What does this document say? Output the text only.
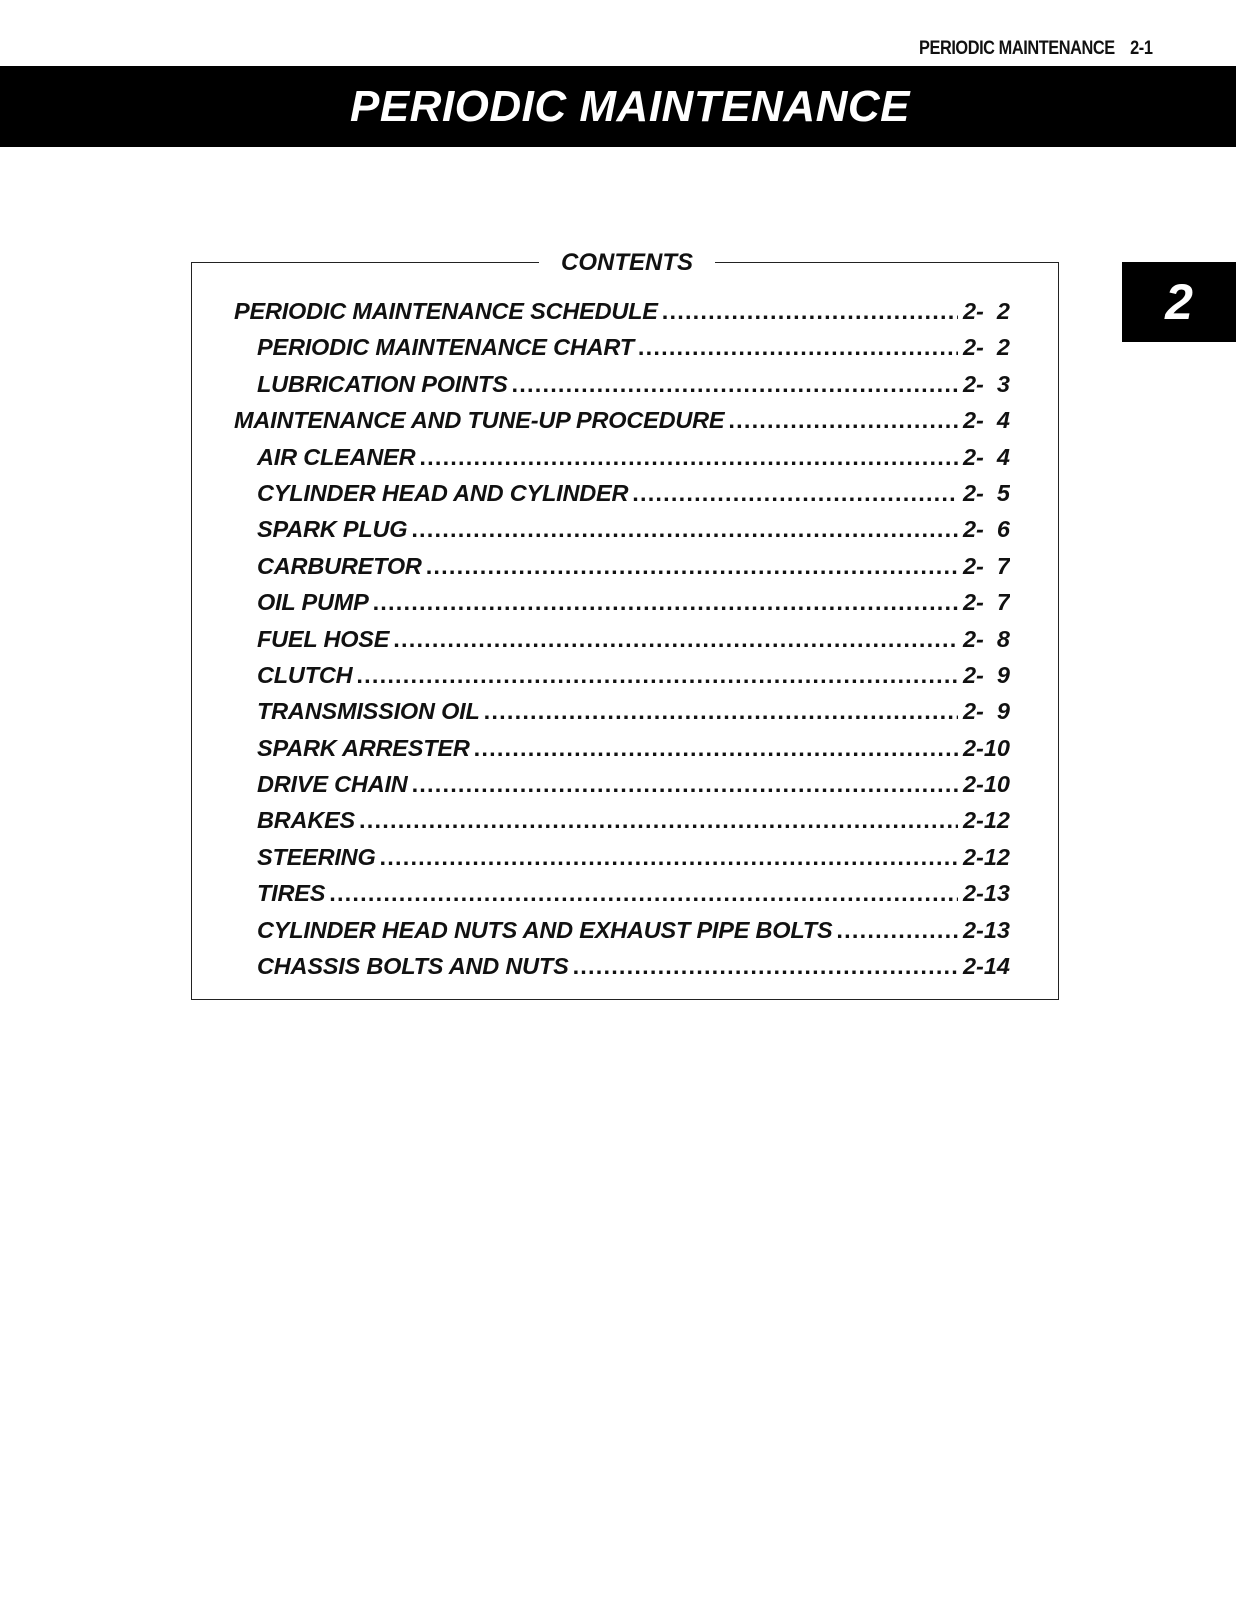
PERIODIC MAINTENANCE 2-1
PERIODIC MAINTENANCE
2
CONTENTS
PERIODIC MAINTENANCE SCHEDULE .....	2-  2
PERIODIC MAINTENANCE CHART .....	2-  2
LUBRICATION POINTS .....	2-  3
MAINTENANCE AND TUNE-UP PROCEDURE .....	2-  4
AIR CLEANER .....	2-  4
CYLINDER HEAD AND CYLINDER .....	2-  5
SPARK PLUG .....	2-  6
CARBURETOR .....	2-  7
OIL PUMP .....	2-  7
FUEL HOSE .....	2-  8
CLUTCH .....	2-  9
TRANSMISSION OIL .....	2-  9
SPARK ARRESTER .....	2-10
DRIVE CHAIN .....	2-10
BRAKES .....	2-12
STEERING .....	2-12
TIRES .....	2-13
CYLINDER HEAD NUTS AND EXHAUST PIPE BOLTS .....	2-13
CHASSIS BOLTS AND NUTS .....	2-14
